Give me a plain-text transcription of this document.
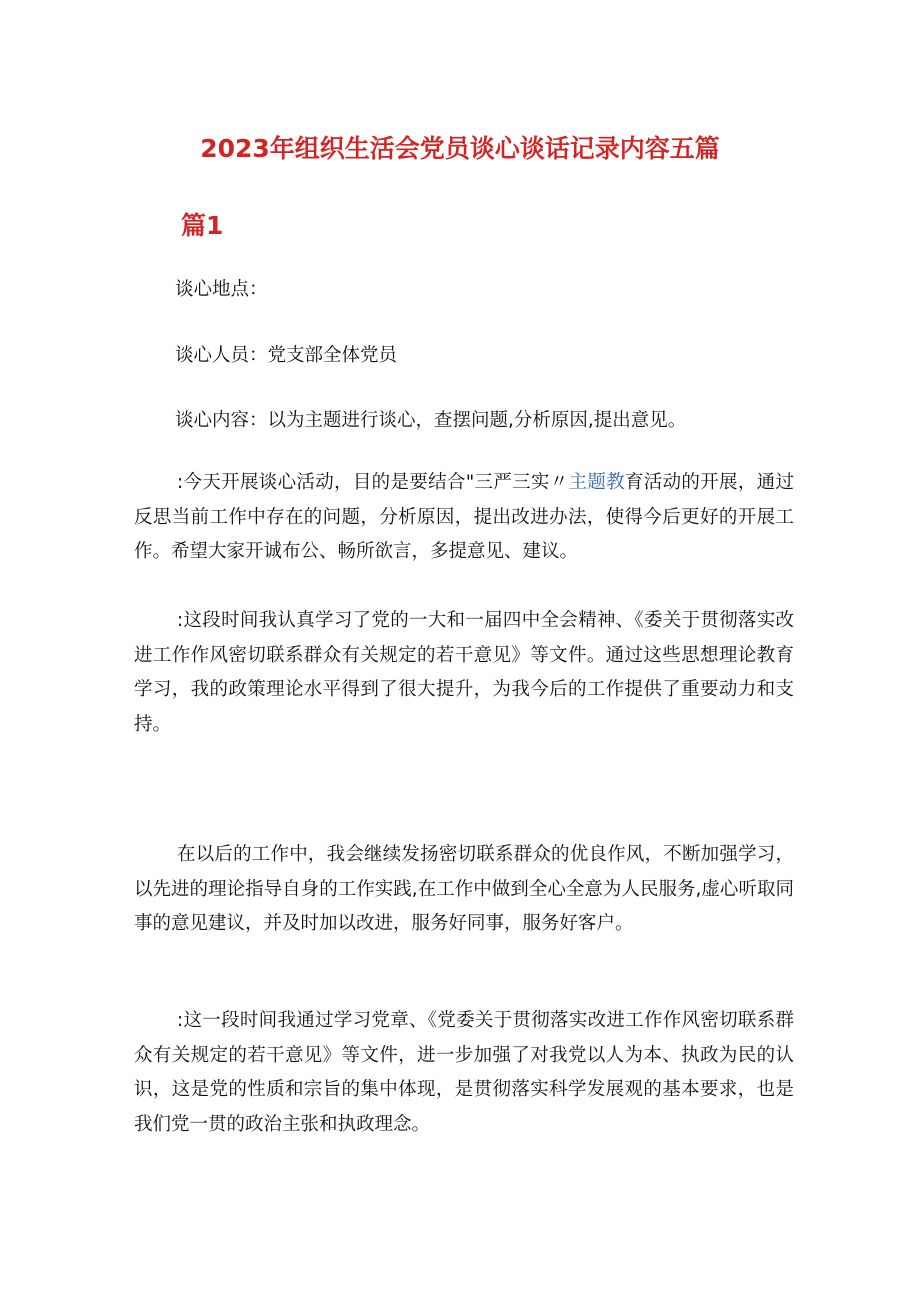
2023年组织生活会党员谈心谈话记录内容五篇
篇1

谈心地点：

谈心人员：党支部全体党员

谈心内容：以为主题进行谈心，查摆问题,分析原因,提出意见。

:今天开展谈心活动，目的是要结合"三严三实〃主题教育活动的开展，通过反思当前工作中存在的问题，分析原因，提出改进办法，使得今后更好的开展工作。希望大家开诚布公、畅所欲言，多提意见、建议。

:这段时间我认真学习了党的一大和一届四中全会精神、《委关于贯彻落实改进工作作风密切联系群众有关规定的若干意见》等文件。通过这些思想理论教育学习，我的政策理论水平得到了很大提升，为我今后的工作提供了重要动力和支持。

在以后的工作中，我会继续发扬密切联系群众的优良作风，不断加强学习，以先进的理论指导自身的工作实践,在工作中做到全心全意为人民服务,虚心听取同事的意见建议，并及时加以改进，服务好同事，服务好客户。

:这一段时间我通过学习党章、《党委关于贯彻落实改进工作作风密切联系群众有关规定的若干意见》等文件，进一步加强了对我党以人为本、执政为民的认识，这是党的性质和宗旨的集中体现，是贯彻落实科学发展观的基本要求，也是我们党一贯的政治主张和执政理念。
